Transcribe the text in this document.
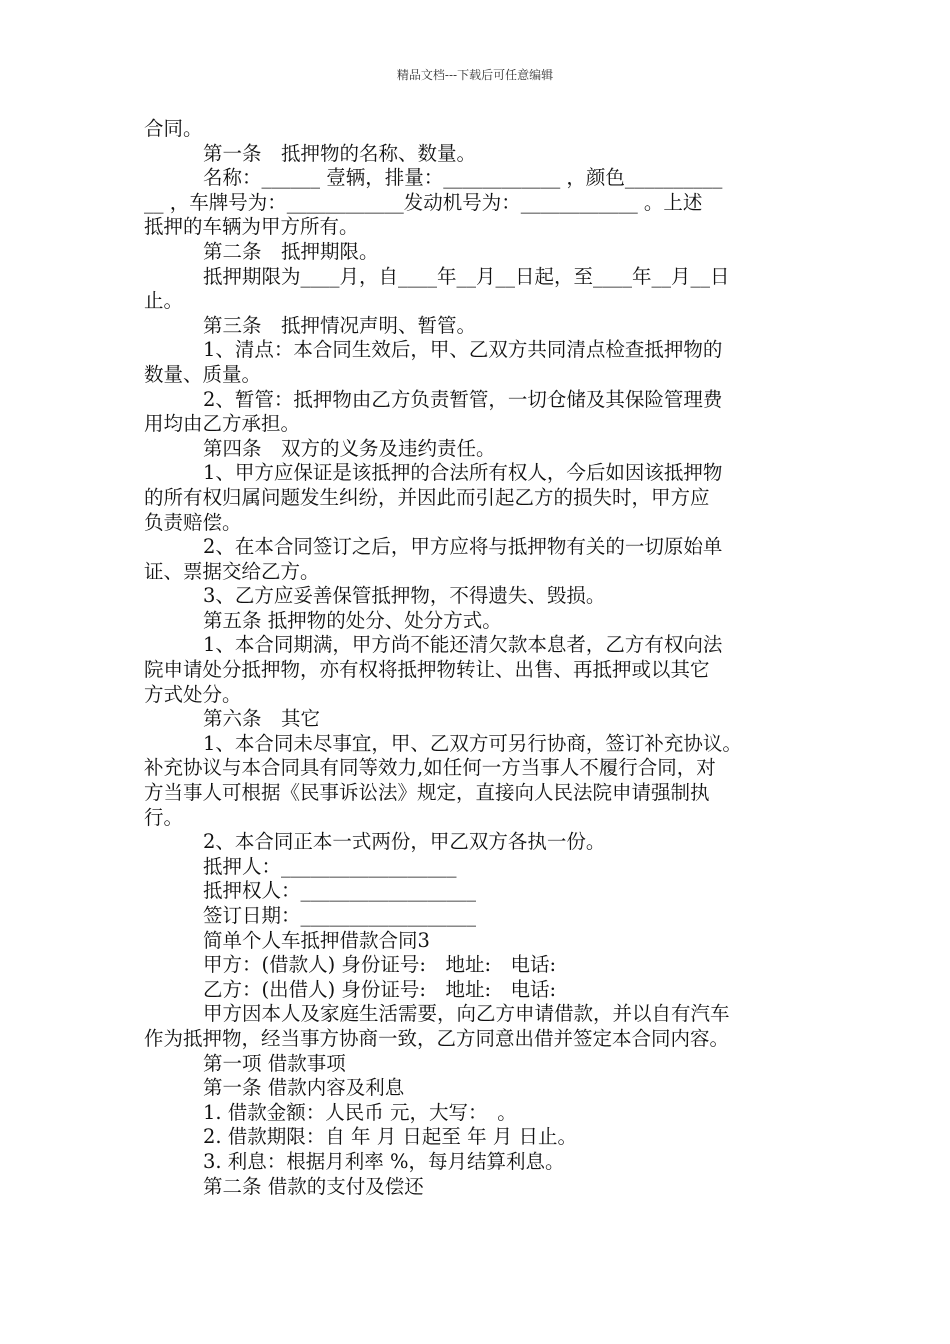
精品文档---下载后可任意编辑
合同。
第一条　抵押物的名称、数量。
名称：______ 壹辆，排量：____________ ，颜色__________
__ ，车牌号为：____________发动机号为：____________ 。上述
抵押的车辆为甲方所有。
第二条　抵押期限。
抵押期限为____月，自____年__月__日起，至____年__月__日
止。
第三条　抵押情况声明、暂管。
1、清点：本合同生效后，甲、乙双方共同清点检查抵押物的
数量、质量。
2、暂管：抵押物由乙方负责暂管，一切仓储及其保险管理费
用均由乙方承担。
第四条　双方的义务及违约责任。
1、甲方应保证是该抵押的合法所有权人，今后如因该抵押物
的所有权归属问题发生纠纷，并因此而引起乙方的损失时，甲方应
负责赔偿。
2、在本合同签订之后，甲方应将与抵押物有关的一切原始单
证、票据交给乙方。
3、乙方应妥善保管抵押物，不得遗失、毁损。
第五条 抵押物的处分、处分方式。
1、本合同期满，甲方尚不能还清欠款本息者，乙方有权向法
院申请处分抵押物，亦有权将抵押物转让、出售、再抵押或以其它
方式处分。
第六条　其它
1、本合同未尽事宜，甲、乙双方可另行协商，签订补充协议。
补充协议与本合同具有同等效力,如任何一方当事人不履行合同，对
方当事人可根据《民事诉讼法》规定，直接向人民法院申请强制执
行。
2、本合同正本一式两份，甲乙双方各执一份。
抵押人：__________________
抵押权人：__________________
签订日期：__________________
简单个人车抵押借款合同3
甲方：(借款人) 身份证号:　地址:　电话:
乙方：(出借人) 身份证号:　地址:　电话:
甲方因本人及家庭生活需要，向乙方申请借款，并以自有汽车
作为抵押物，经当事方协商一致，乙方同意出借并签定本合同内容。
第一项 借款事项
第一条 借款内容及利息
1. 借款金额：人民币 元，大写：　。
2. 借款期限：自 年 月 日起至 年 月 日止。
3. 利息：根据月利率 %，每月结算利息。
第二条 借款的支付及偿还
